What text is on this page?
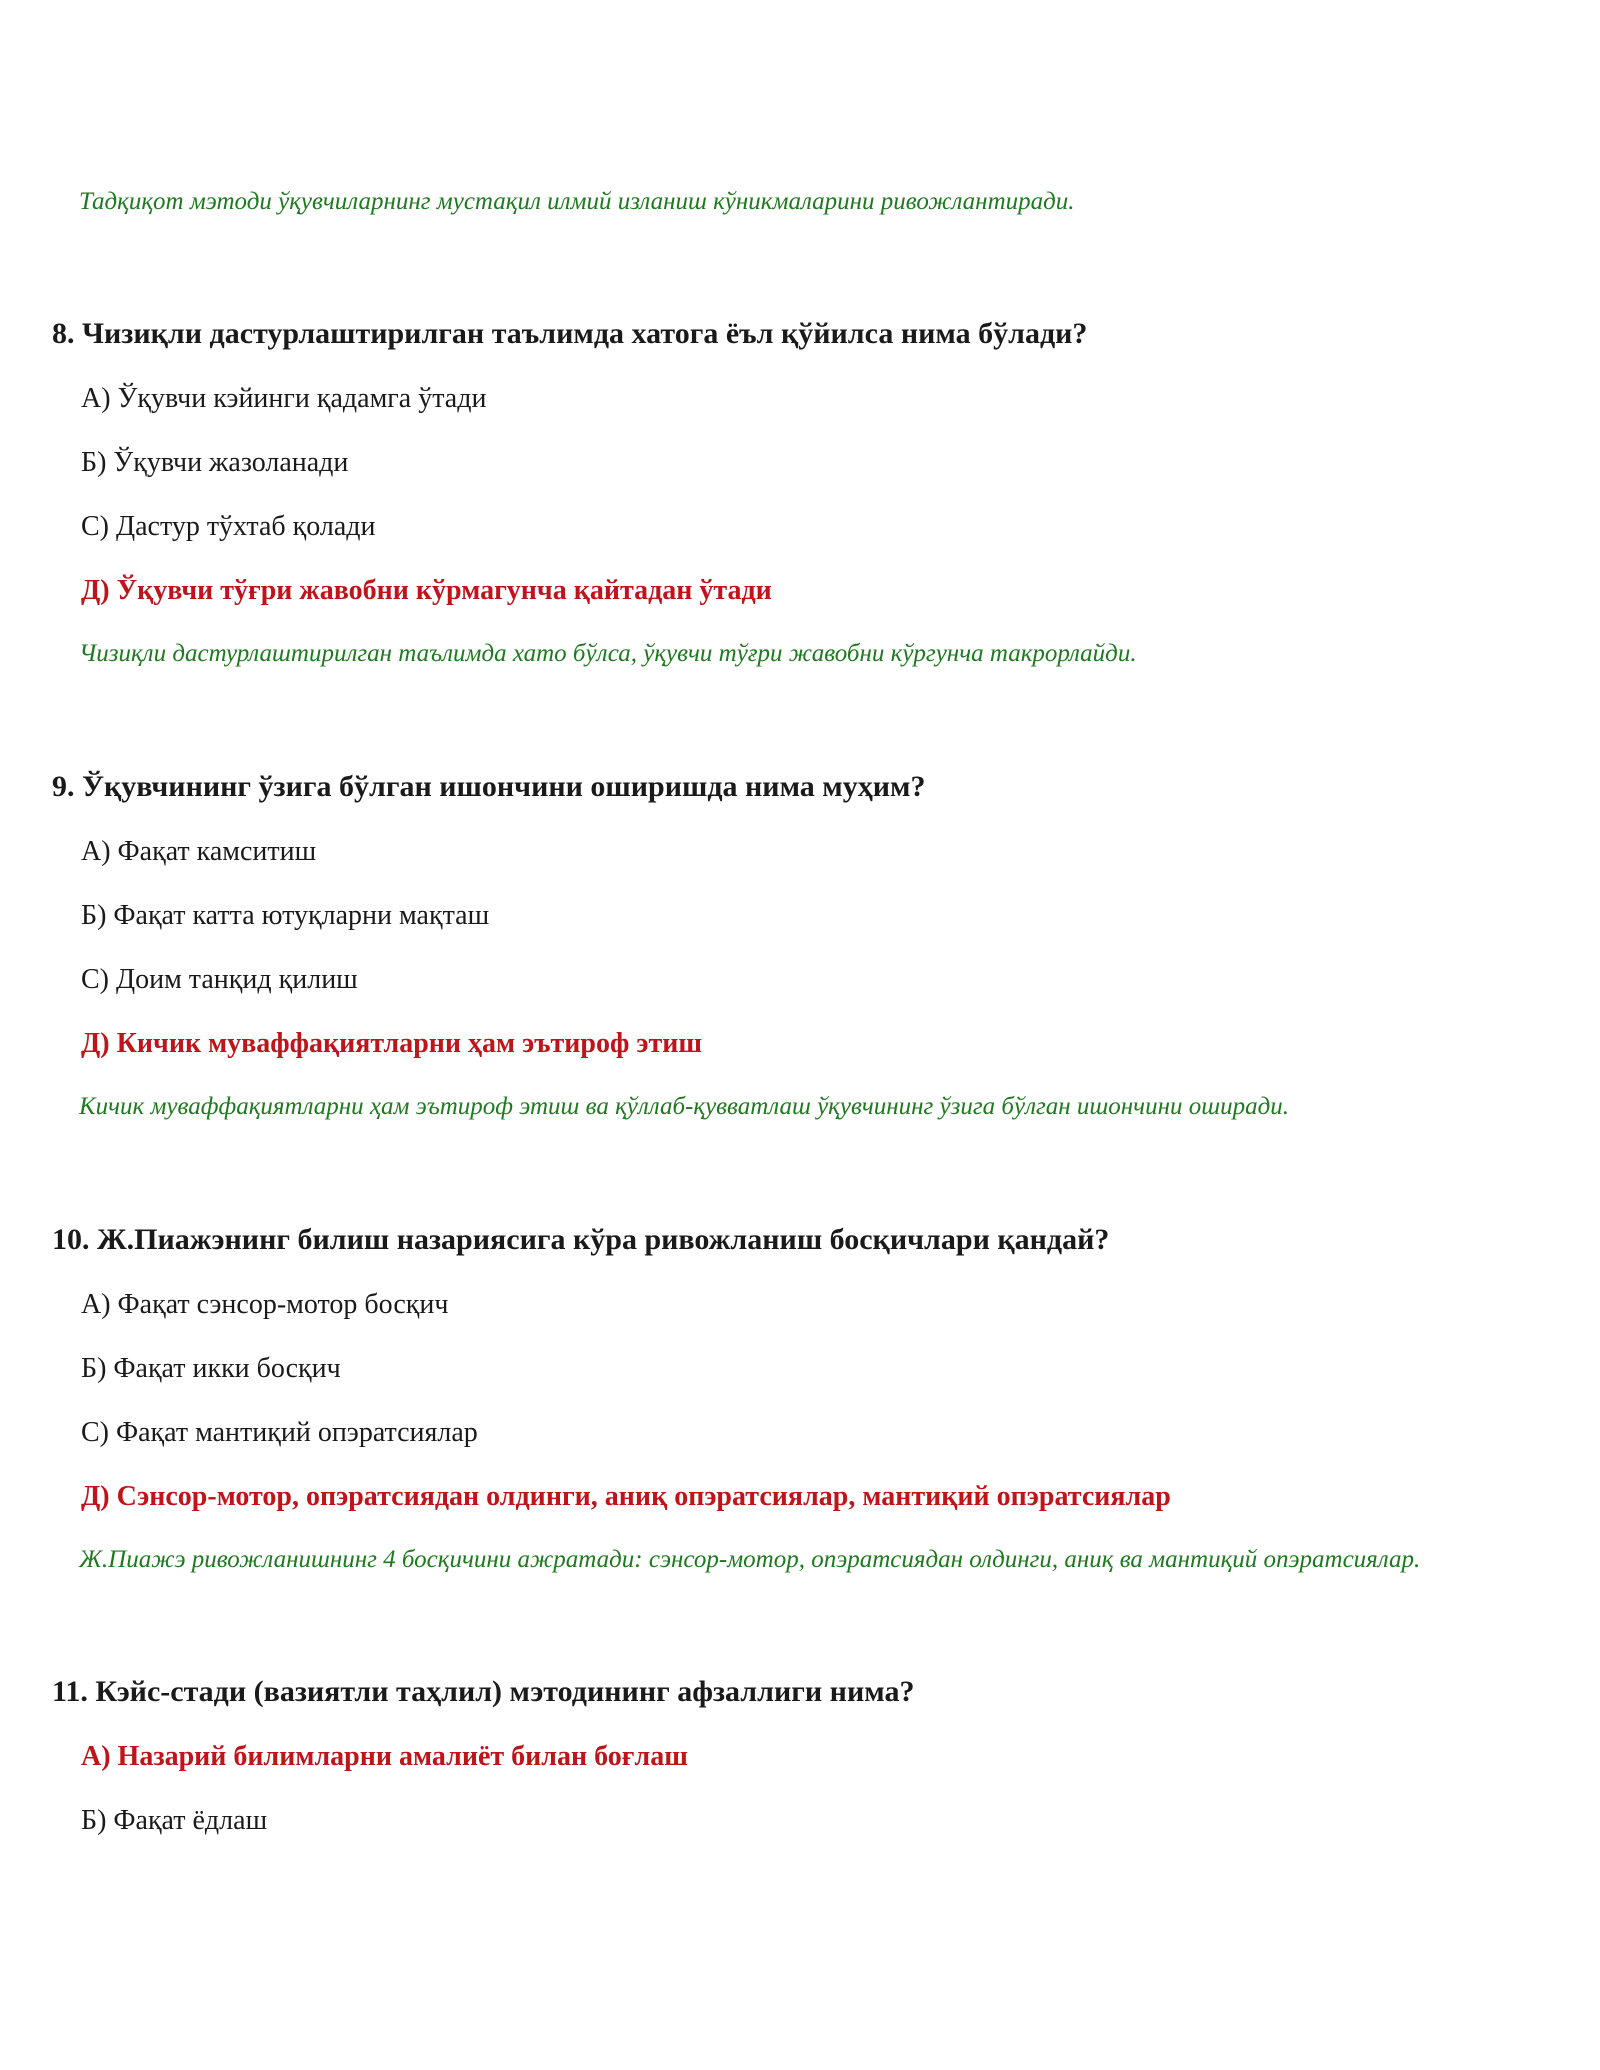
Тадқиқот мэтоди ўқувчиларнинг мустақил илмий изланиш кўникмаларини ривожлантиради.
8. Чизиқли дастурлаштирилган таълимда хатога ёъл қўйилса нима бўлади?
А) Ўқувчи кэйинги қадамга ўтади
Б) Ўқувчи жазоланади
С) Дастур тўхтаб қолади
Д) Ўқувчи тўғри жавобни кўрмагунча қайтадан ўтади
Чизиқли дастурлаштирилган таълимда хато бўлса, ўқувчи тўғри жавобни кўргунча такрорлайди.
9. Ўқувчининг ўзига бўлган ишончини оширишда нима муҳим?
А) Фақат камситиш
Б) Фақат катта ютуқларни мақташ
С) Доим танқид қилиш
Д) Кичик муваффақиятларни ҳам эътироф этиш
Кичик муваффақиятларни ҳам эътироф этиш ва қўллаб-қувватлаш ўқувчининг ўзига бўлган ишончини оширади.
10. Ж.Пиажэнинг билиш назариясига кўра ривожланиш босқичлари қандай?
А) Фақат сэнсор-мотор босқич
Б) Фақат икки босқич
С) Фақат мантиқий опэратсиялар
Д) Сэнсор-мотор, опэратсиядан олдинги, аниқ опэратсиялар, мантиқий опэратсиялар
Ж.Пиажэ ривожланишнинг 4 босқичини ажратади: сэнсор-мотор, опэратсиядан олдинги, аниқ ва мантиқий опэратсиялар.
11. Кэйс-стади (вазиятли таҳлил) мэтодининг афзаллиги нима?
А) Назарий билимларни амалиёт билан боғлаш
Б) Фақат ёдлаш
